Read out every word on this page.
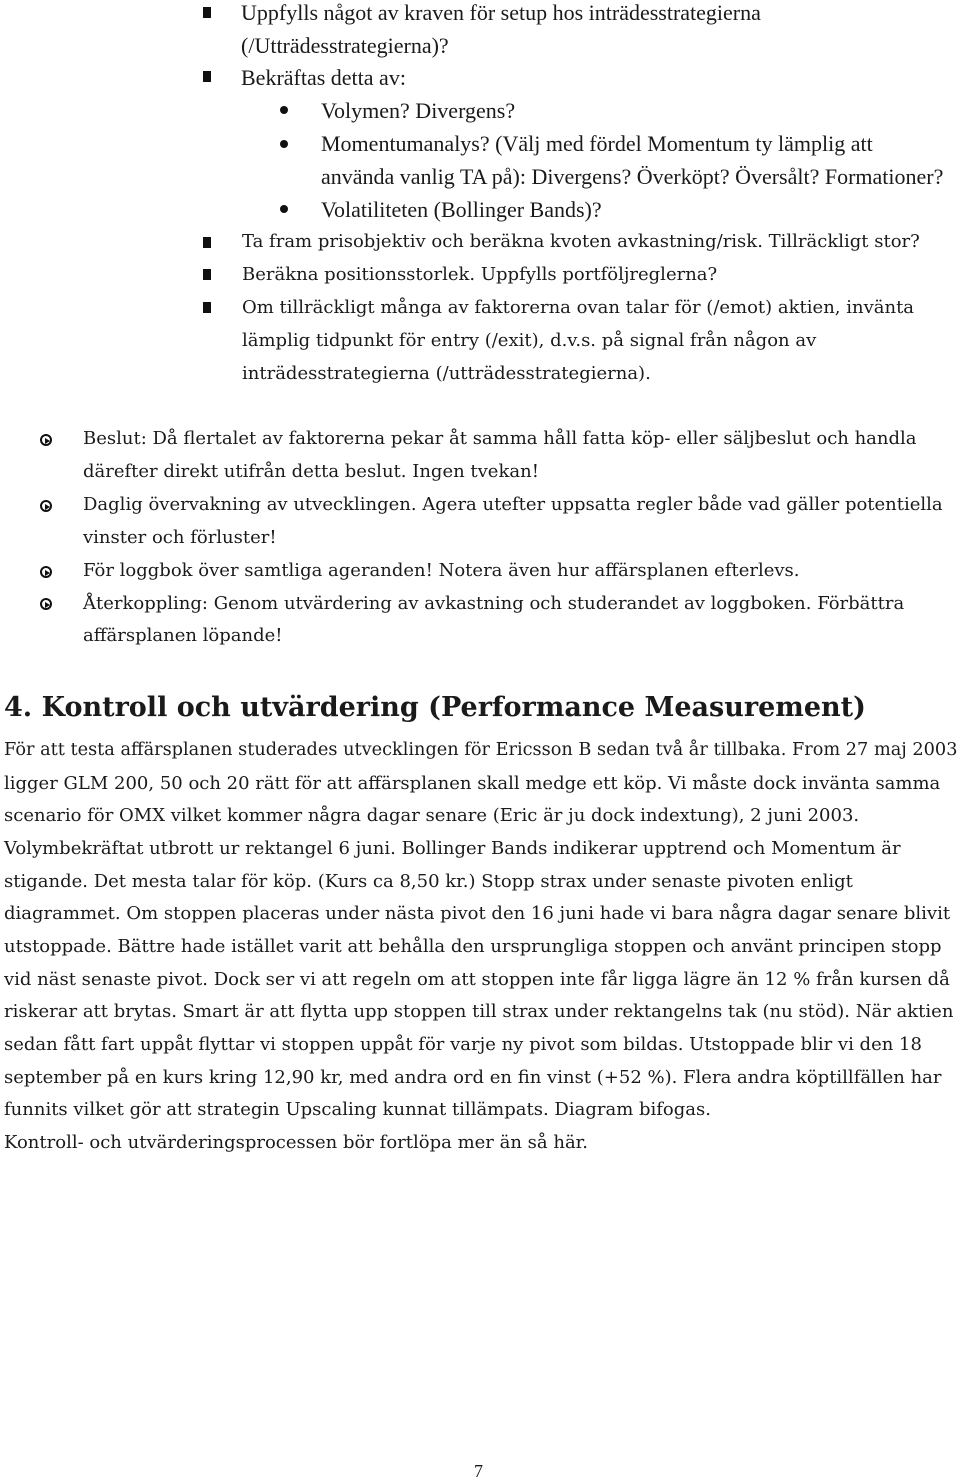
Uppfylls något av kraven för setup hos inträdesstrategierna
(/Utträdesstrategierna)?
Bekräftas detta av:
Volymen? Divergens?
Momentumanalys? (Välj med fördel Momentum ty lämplig att
använda vanlig TA på): Divergens? Överköpt? Översålt? Formationer?
Volatiliteten (Bollinger Bands)?
Ta fram prisobjektiv och beräkna kvoten avkastning/risk. Tillräckligt stor?
Beräkna positionsstorlek. Uppfylls portföljreglerna?
Om tillräckligt många av faktorerna ovan talar för (/emot) aktien, invänta
lämplig tidpunkt för entry (/exit), d.v.s. på signal från någon av
inträdesstrategierna (/utträdesstrategierna).
Beslut: Då flertalet av faktorerna pekar åt samma håll fatta köp- eller säljbeslut och handla
därefter direkt utifrån detta beslut. Ingen tvekan!
Daglig övervakning av utvecklingen. Agera utefter uppsatta regler både vad gäller potentiella
vinster och förluster!
För loggbok över samtliga ageranden! Notera även hur affärsplanen efterlevs.
Återkoppling: Genom utvärdering av avkastning och studerandet av loggboken. Förbättra
affärsplanen löpande!
4. Kontroll och utvärdering (Performance Measurement)
För att testa affärsplanen studerades utvecklingen för Ericsson B sedan två år tillbaka. From 27 maj 2003
ligger GLM 200, 50 och 20 rätt för att affärsplanen skall medge ett köp. Vi måste dock invänta samma
scenario för OMX vilket kommer några dagar senare (Eric är ju dock indextung), 2 juni 2003.
Volymbekräftat utbrott ur rektangel 6 juni. Bollinger Bands indikerar upptrend och Momentum är
stigande. Det mesta talar för köp. (Kurs ca 8,50 kr.) Stopp strax under senaste pivoten enligt
diagrammet. Om stoppen placeras under nästa pivot den 16 juni hade vi bara några dagar senare blivit
utstoppade. Bättre hade istället varit att behålla den ursprungliga stoppen och använt principen stopp
vid näst senaste pivot. Dock ser vi att regeln om att stoppen inte får ligga lägre än 12 % från kursen då
riskerar att brytas. Smart är att flytta upp stoppen till strax under rektangelns tak (nu stöd). När aktien
sedan fått fart uppåt flyttar vi stoppen uppåt för varje ny pivot som bildas. Utstoppade blir vi den 18
september på en kurs kring 12,90 kr, med andra ord en fin vinst (+52 %). Flera andra köptillfällen har
funnits vilket gör att strategin Upscaling kunnat tillämpats. Diagram bifogas.
Kontroll- och utvärderingsprocessen bör fortlöpa mer än så här.
7
